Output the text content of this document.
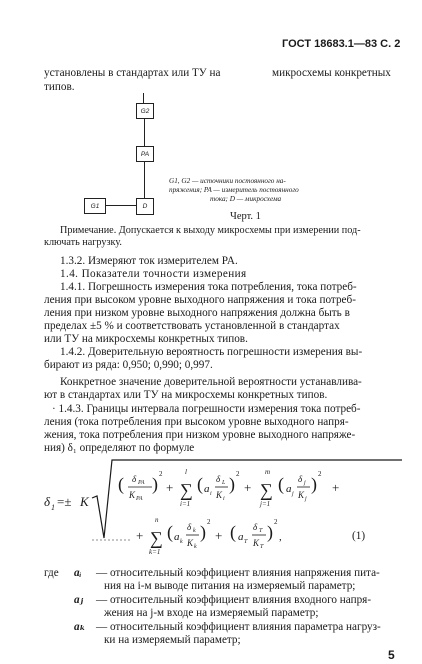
ГОСТ 18683.1—83 С. 2
установлены в стандартах или ТУ на	микросхемы конкретных
типов.
G2
PA
G1	D
G1, G2 — источники постоянного на-
пряжения; PA — измеритель постоянного
тока; D — микросхема
Черт. 1
Примечание. Допускается к выходу микросхемы при измерении под-
ключать нагрузку.
1.3.2. Измеряют ток измерителем PA.
1.4. Показатели точности измерения
1.4.1. Погрешность измерения тока потребления, тока потреб-
ления при высоком уровне выходного напряжения и тока потреб-
ления при низком уровне выходного напряжения должна быть в
пределах ±5 % и соответствовать установленной в стандартах
или ТУ на микросхемы конкретных типов.
1.4.2. Доверительную вероятность погрешности измерения вы-
бирают из ряда: 0,950; 0,990; 0,997.
Конкретное значение доверительной вероятности устанавлива-
ют в стандартах или ТУ на микросхемы конкретных типов.
· 1.4.3. Границы интервала погрешности измерения тока потреб-
ления (тока потребления при высоком уровне выходного напря-
жения, тока потребления при низком уровне выходного напряже-
ния) δ₁ определяют по формуле
δ 1 =± K
( δ PA
K PA
) 2
+ ∑
l
i=1
( a i
δ L
K i
) 2
+ ∑
m
j=1
( a j
δ j
K j
) 2
+
+ ∑
n
k=1
( a k
δ k
K k
) 2
+ ( a T
δ T
K T
) 2
,	(1)
где aᵢ — относительный коэффициент влияния напряжения пита-
ния на i-м выводе питания на измеряемый параметр;
aⱼ — относительный коэффициент влияния входного напря-
жения на j-м входе на измеряемый параметр;
aₖ — относительный коэффициент влияния параметра нагруз-
ки на измеряемый параметр;
5
